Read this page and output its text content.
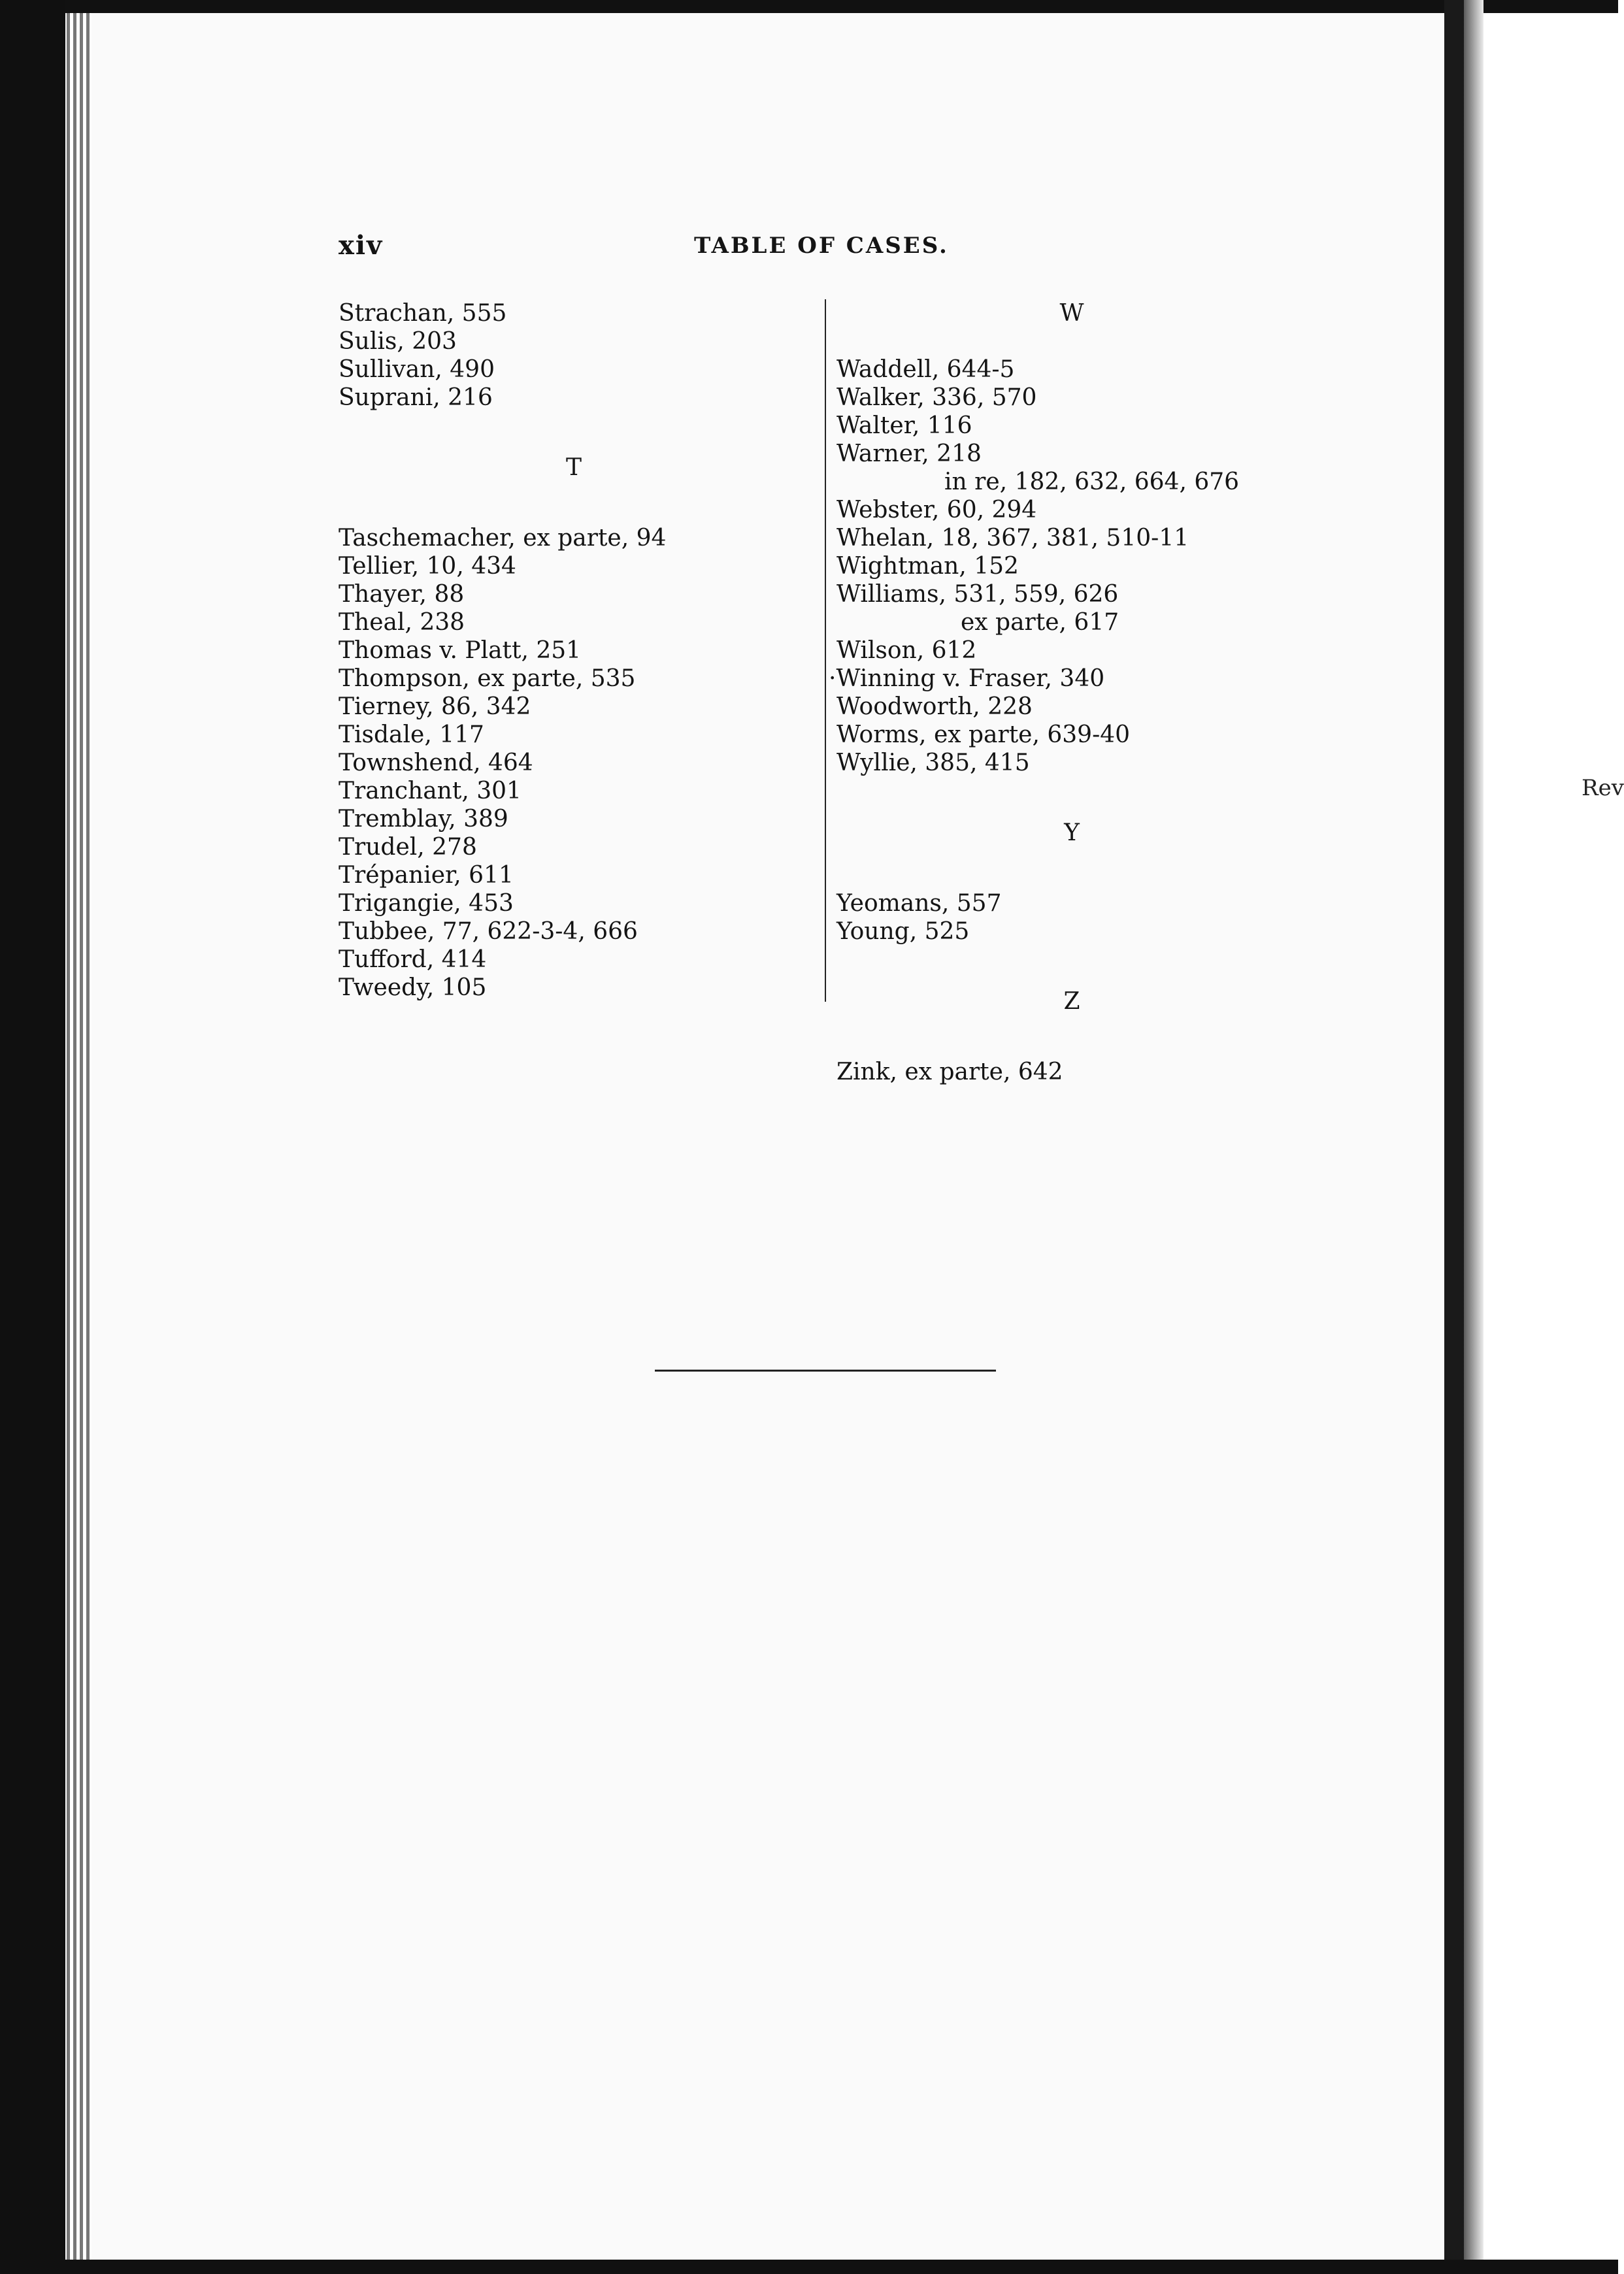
xiv	TABLE OF CASES.
Strachan, 555
Sulis, 203
Sullivan, 490
Suprani, 216
T
Taschemacher, ex parte, 94
Tellier, 10, 434
Thayer, 88
Theal, 238
Thomas v. Platt, 251
Thompson, ex parte, 535
Tierney, 86, 342
Tisdale, 117
Townshend, 464
Tranchant, 301
Tremblay, 389
Trudel, 278
Trépanier, 611
Trigangie, 453
Tubbee, 77, 622-3-4, 666
Tufford, 414
Tweedy, 105
W
Waddell, 644-5
Walker, 336, 570
Walter, 116
Warner, 218
in re, 182, 632, 664, 676
Webster, 60, 294
Whelan, 18, 367, 381, 510-11
Wightman, 152
Williams, 531, 559, 626
ex parte, 617
Wilson, 612
· Winning v. Fraser, 340
Woodworth, 228
Worms, ex parte, 639-40
Wyllie, 385, 415
Y
Yeomans, 557
Young, 525
Z
Zink, ex parte, 642
Rev
